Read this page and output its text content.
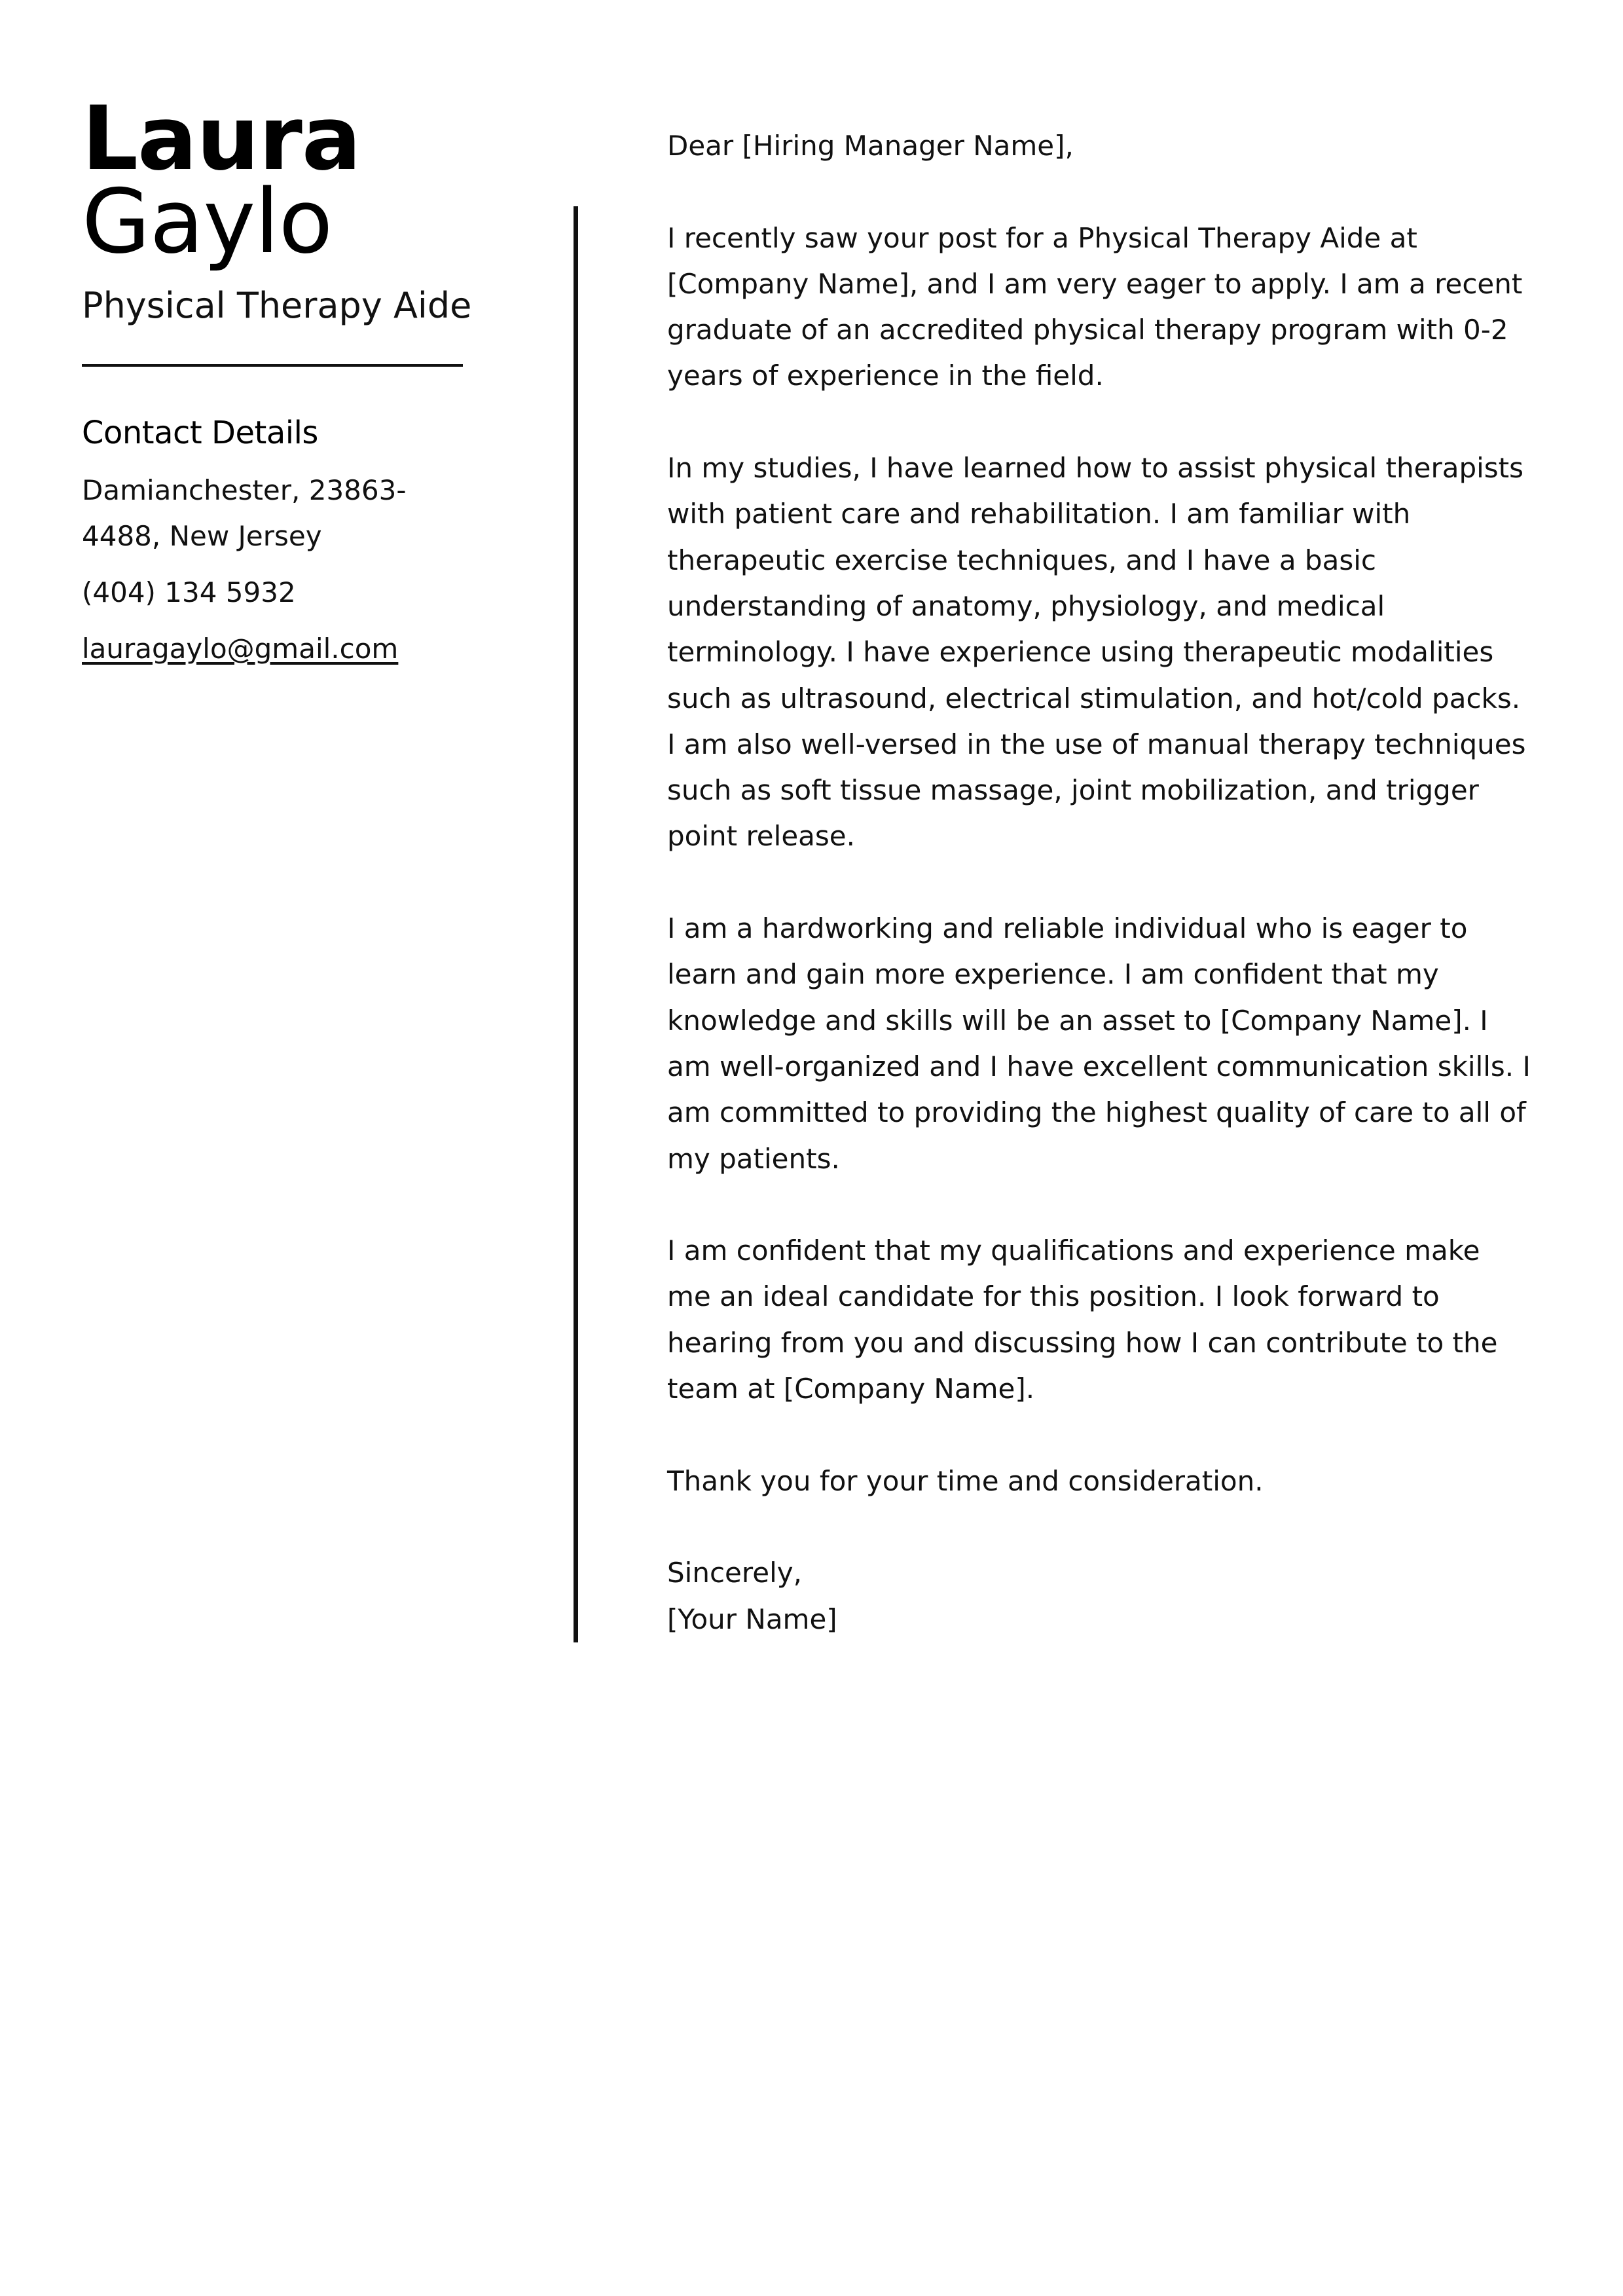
Laura
Gaylo
Physical Therapy Aide
Contact Details
Damianchester, 23863-4488, New Jersey
(404) 134 5932
lauragaylo@gmail.com

Dear [Hiring Manager Name],

I recently saw your post for a Physical Therapy Aide at [Company Name], and I am very eager to apply. I am a recent graduate of an accredited physical therapy program with 0-2 years of experience in the field.

In my studies, I have learned how to assist physical therapists with patient care and rehabilitation. I am familiar with therapeutic exercise techniques, and I have a basic understanding of anatomy, physiology, and medical terminology. I have experience using therapeutic modalities such as ultrasound, electrical stimulation, and hot/cold packs. I am also well-versed in the use of manual therapy techniques such as soft tissue massage, joint mobilization, and trigger point release.

I am a hardworking and reliable individual who is eager to learn and gain more experience. I am confident that my knowledge and skills will be an asset to [Company Name]. I am well-organized and I have excellent communication skills. I am committed to providing the highest quality of care to all of my patients.

I am confident that my qualifications and experience make me an ideal candidate for this position. I look forward to hearing from you and discussing how I can contribute to the team at [Company Name].

Thank you for your time and consideration.

Sincerely,

[Your Name]
